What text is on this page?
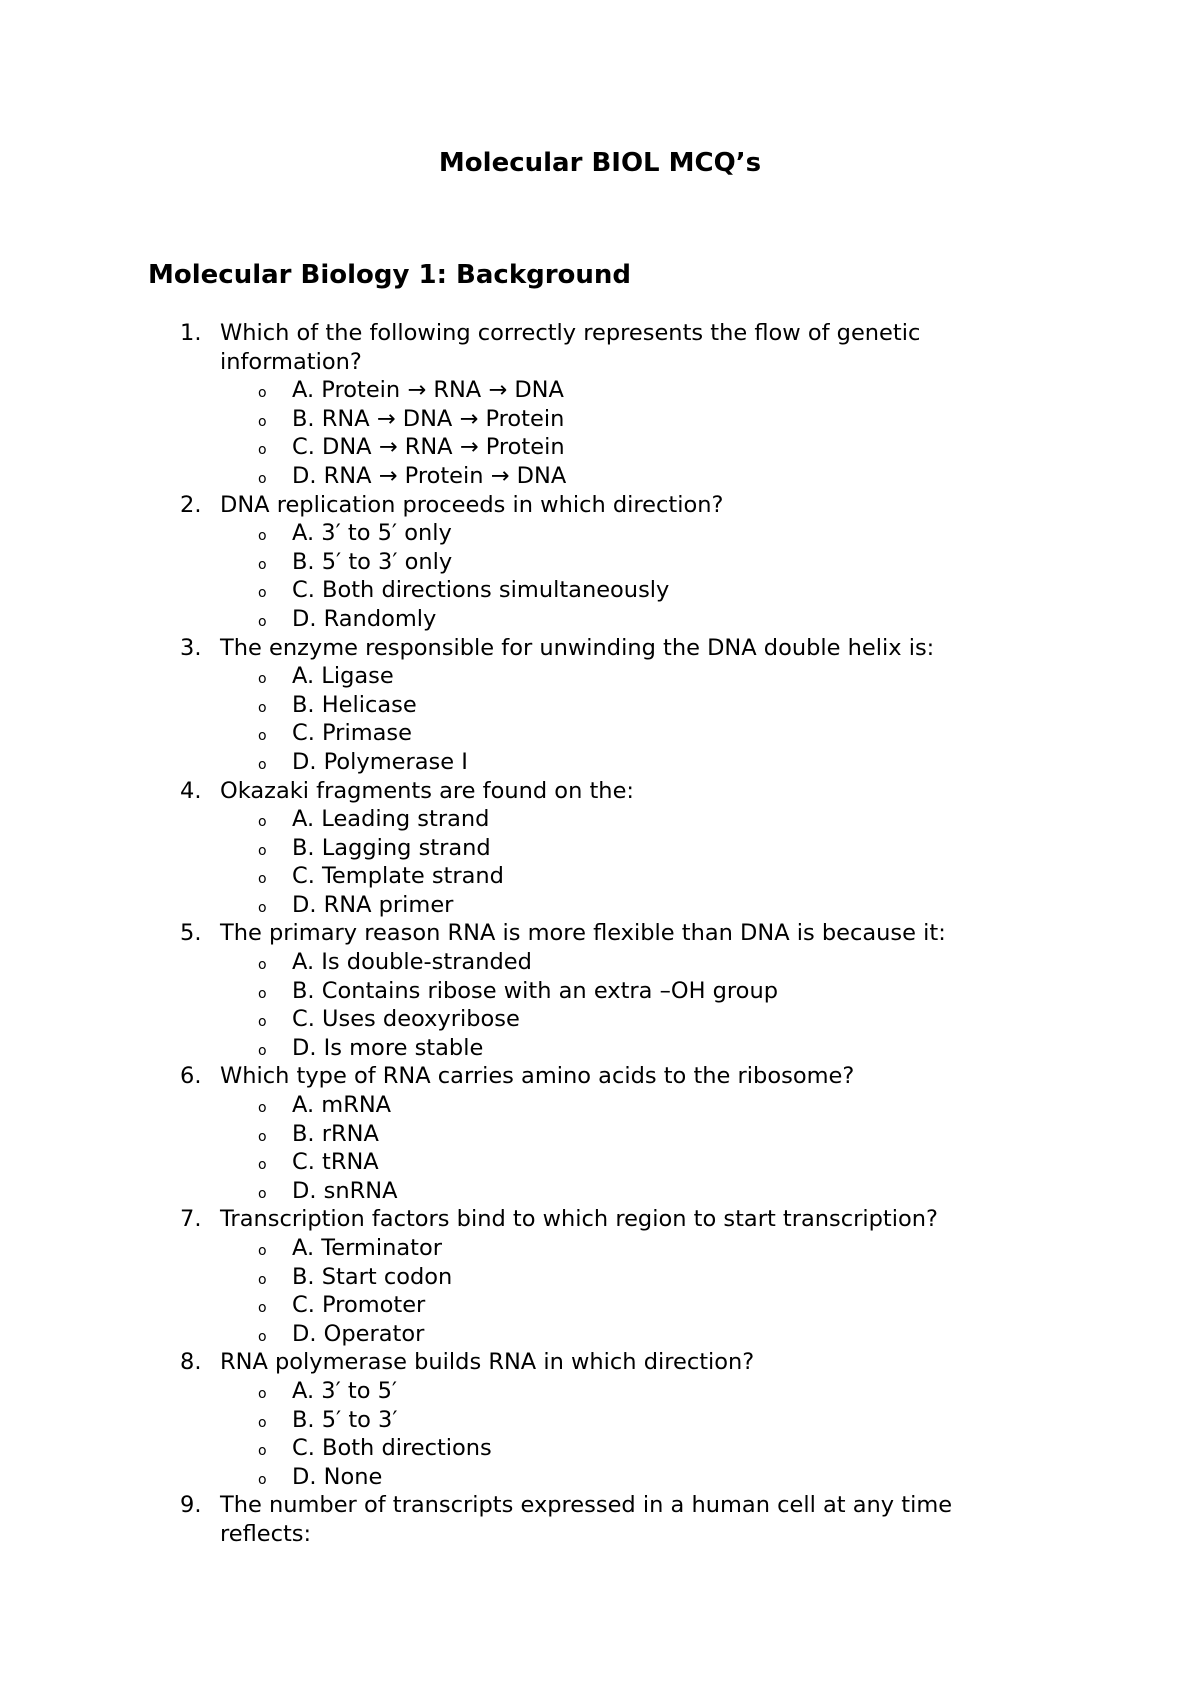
Molecular BIOL MCQ’s
Molecular Biology 1: Background
1. Which of the following correctly represents the flow of genetic information?
o A. Protein → RNA → DNA
o B. RNA → DNA → Protein
o C. DNA → RNA → Protein
o D. RNA → Protein → DNA
2. DNA replication proceeds in which direction?
o A. 3′ to 5′ only
o B. 5′ to 3′ only
o C. Both directions simultaneously
o D. Randomly
3. The enzyme responsible for unwinding the DNA double helix is:
o A. Ligase
o B. Helicase
o C. Primase
o D. Polymerase I
4. Okazaki fragments are found on the:
o A. Leading strand
o B. Lagging strand
o C. Template strand
o D. RNA primer
5. The primary reason RNA is more flexible than DNA is because it:
o A. Is double-stranded
o B. Contains ribose with an extra –OH group
o C. Uses deoxyribose
o D. Is more stable
6. Which type of RNA carries amino acids to the ribosome?
o A. mRNA
o B. rRNA
o C. tRNA
o D. snRNA
7. Transcription factors bind to which region to start transcription?
o A. Terminator
o B. Start codon
o C. Promoter
o D. Operator
8. RNA polymerase builds RNA in which direction?
o A. 3′ to 5′
o B. 5′ to 3′
o C. Both directions
o D. None
9. The number of transcripts expressed in a human cell at any time reflects:
